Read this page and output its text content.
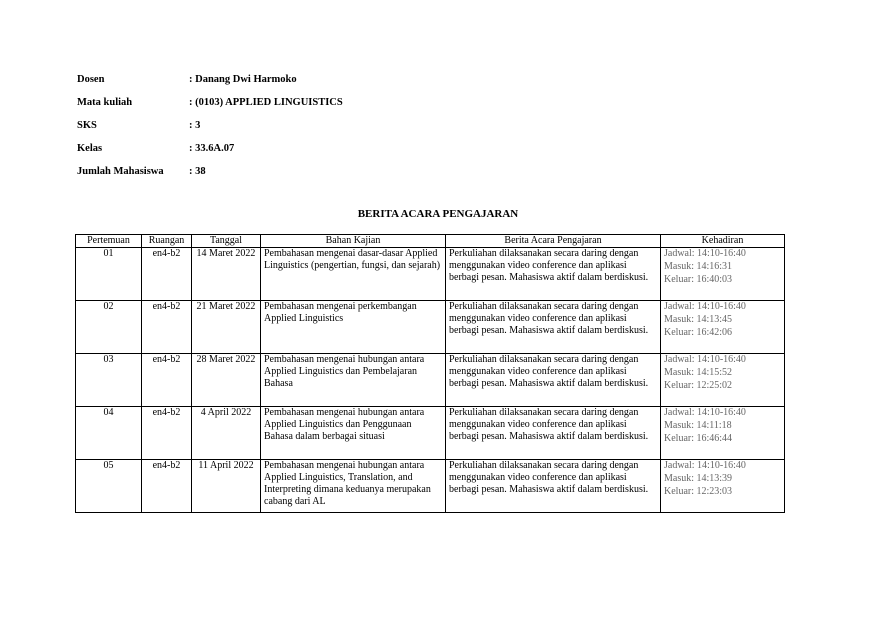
Dosen	: Danang Dwi Harmoko
Mata kuliah	: (0103) APPLIED LINGUISTICS
SKS	: 3
Kelas	: 33.6A.07
Jumlah Mahasiswa : 38
BERITA ACARA PENGAJARAN
Pertemuan	Ruangan	Tanggal	Bahan Kajian	Berita Acara Pengajaran	Kehadiran
01	en4-b2	14 Maret 2022	Pembahasan mengenai dasar-dasar Applied Linguistics (pengertian, fungsi, dan sejarah)	Perkuliahan dilaksanakan secara daring dengan menggunakan video conference dan aplikasi berbagi pesan. Mahasiswa aktif dalam berdiskusi.	Jadwal: 14:10-16:40
Masuk: 14:16:31
Keluar: 16:40:03

02	en4-b2	21 Maret 2022	Pembahasan mengenai perkembangan Applied Linguistics	Perkuliahan dilaksanakan secara daring dengan menggunakan video conference dan aplikasi berbagi pesan. Mahasiswa aktif dalam berdiskusi.	Jadwal: 14:10-16:40
Masuk: 14:13:45
Keluar: 16:42:06

03	en4-b2	28 Maret 2022	Pembahasan mengenai hubungan antara Applied Linguistics dan Pembelajaran Bahasa	Perkuliahan dilaksanakan secara daring dengan menggunakan video conference dan aplikasi berbagi pesan. Mahasiswa aktif dalam berdiskusi.	Jadwal: 14:10-16:40
Masuk: 14:15:52
Keluar: 12:25:02

04	en4-b2	4 April 2022	Pembahasan mengenai hubungan antara Applied Linguistics dan Penggunaan Bahasa dalam berbagai situasi	Perkuliahan dilaksanakan secara daring dengan menggunakan video conference dan aplikasi berbagi pesan. Mahasiswa aktif dalam berdiskusi.	Jadwal: 14:10-16:40
Masuk: 14:11:18
Keluar: 16:46:44

05	en4-b2	11 April 2022	Pembahasan mengenai hubungan antara Applied Linguistics, Translation, and Interpreting dimana keduanya merupakan cabang dari AL	Perkuliahan dilaksanakan secara daring dengan menggunakan video conference dan aplikasi berbagi pesan. Mahasiswa aktif dalam berdiskusi.	Jadwal: 14:10-16:40
Masuk: 14:13:39
Keluar: 12:23:03
